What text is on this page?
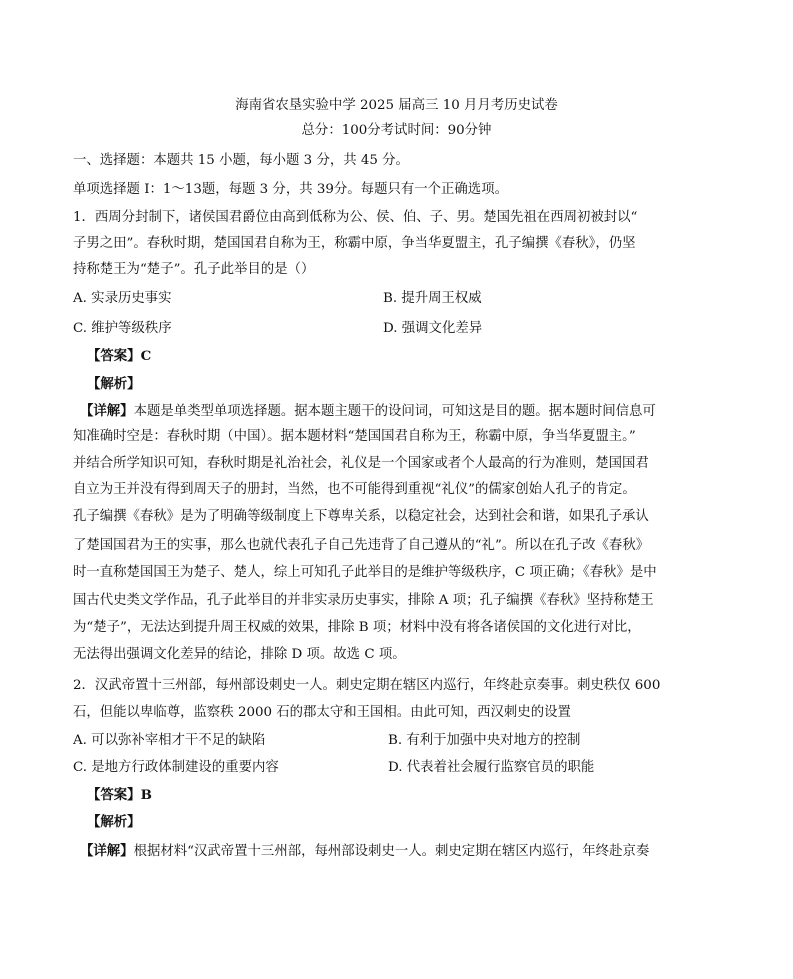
海南省农垦实验中学 2025 届高三 10 月月考历史试卷
总分：100分考试时间：90分钟
一、选择题：本题共 15 小题，每小题 3 分，共 45 分。
单项选择题 I：1～13题，每题 3 分，共 39分。每题只有一个正确选项。
1．西周分封制下，诸侯国君爵位由高到低称为公、侯、伯、子、男。楚国先祖在西周初被封以“
子男之田”。春秋时期，楚国国君自称为王，称霸中原，争当华夏盟主，孔子编撰《春秋》，仍坚
持称楚王为“楚子”。孔子此举目的是（）
A. 实录历史事实	B. 提升周王权威
C. 维护等级秩序	D. 强调文化差异
【答案】C
【解析】
【详解】本题是单类型单项选择题。据本题主题干的设问词，可知这是目的题。据本题时间信息可
知准确时空是：春秋时期（中国）。据本题材料“楚国国君自称为王，称霸中原，争当华夏盟主。”
并结合所学知识可知，春秋时期是礼治社会，礼仪是一个国家或者个人最高的行为准则，楚国国君
自立为王并没有得到周天子的册封，当然，也不可能得到重视“礼仪”的儒家创始人孔子的肯定。
孔子编撰《春秋》是为了明确等级制度上下尊卑关系，以稳定社会，达到社会和谐，如果孔子承认
了楚国国君为王的实事，那么也就代表孔子自己先违背了自己遵从的“礼”。所以在孔子改《春秋》
时一直称楚国国王为楚子、楚人，综上可知孔子此举目的是维护等级秩序，C 项正确；《春秋》是中
国古代史类文学作品，孔子此举目的并非实录历史事实，排除 A 项；孔子编撰《春秋》坚持称楚王
为“楚子”，无法达到提升周王权威的效果，排除 B 项；材料中没有将各诸侯国的文化进行对比，
无法得出强调文化差异的结论，排除 D 项。故选 C 项。
2．汉武帝置十三州部，每州部设刺史一人。刺史定期在辖区内巡行，年终赴京奏事。刺史秩仅 600
石，但能以卑临尊，监察秩 2000 石的郡太守和王国相。由此可知，西汉刺史的设置
A. 可以弥补宰相才干不足的缺陷	B. 有利于加强中央对地方的控制
C. 是地方行政体制建设的重要内容	D. 代表着社会履行监察官员的职能
【答案】B
【解析】
【详解】根据材料“汉武帝置十三州部，每州部设刺史一人。刺史定期在辖区内巡行，年终赴京奏
